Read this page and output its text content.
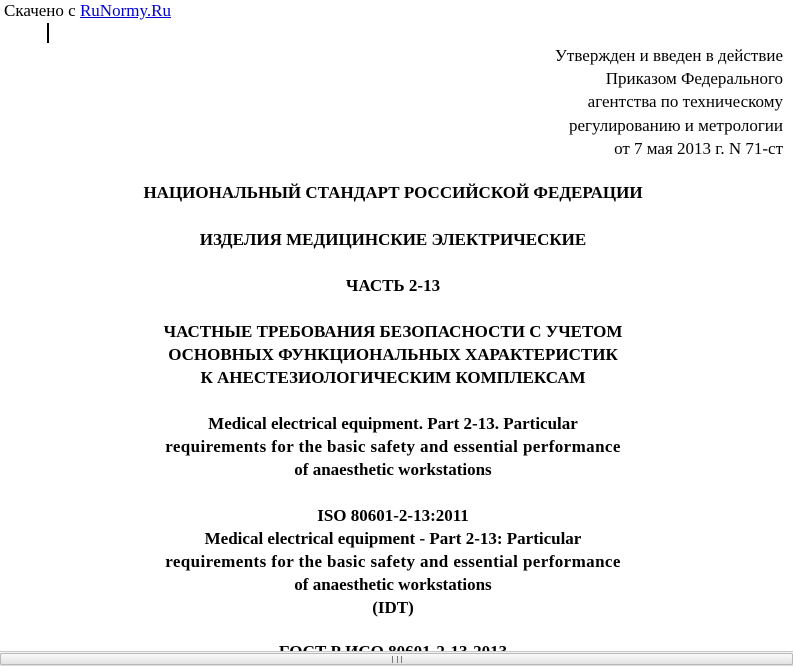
Скачено с RuNormy.Ru
Утвержден и введен в действие
Приказом Федерального
агентства по техническому
регулированию и метрологии
от 7 мая 2013 г. N 71-ст
НАЦИОНАЛЬНЫЙ СТАНДАРТ РОССИЙСКОЙ ФЕДЕРАЦИИ
ИЗДЕЛИЯ МЕДИЦИНСКИЕ ЭЛЕКТРИЧЕСКИЕ
ЧАСТЬ 2-13
ЧАСТНЫЕ ТРЕБОВАНИЯ БЕЗОПАСНОСТИ С УЧЕТОМ
ОСНОВНЫХ ФУНКЦИОНАЛЬНЫХ ХАРАКТЕРИСТИК
К АНЕСТЕЗИОЛОГИЧЕСКИМ КОМПЛЕКСАМ
Medical electrical equipment. Part 2-13. Particular
requirements for the basic safety and essential performance
of anaesthetic workstations
ISO 80601-2-13:2011
Medical electrical equipment - Part 2-13: Particular
requirements for the basic safety and essential performance
of anaesthetic workstations
(IDT)
